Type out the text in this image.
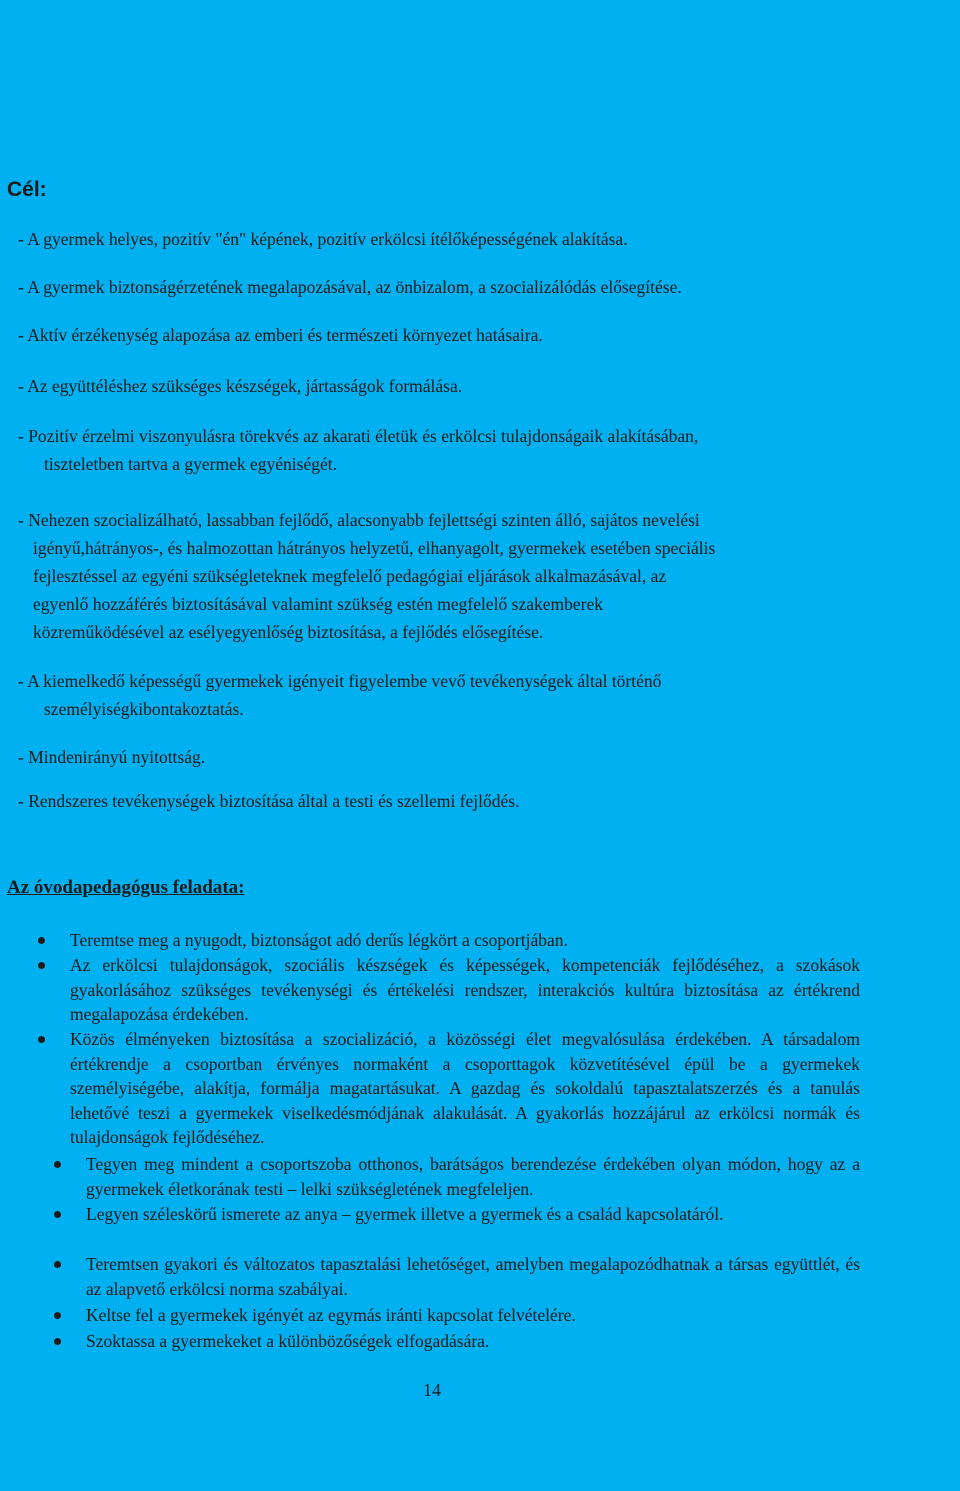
Cél:
- A gyermek helyes, pozitív "én" képének, pozitív erkölcsi ítélőképességének alakítása.
- A gyermek biztonságérzetének megalapozásával, az önbizalom, a szocializálódás elősegítése.
- Aktív érzékenység alapozása az emberi és természeti környezet hatásaira.
- Az együttéléshez szükséges készségek, jártasságok formálása.
- Pozitív érzelmi viszonyulásra törekvés az akarati életük és erkölcsi tulajdonságaik alakításában,
tiszteletben tartva a gyermek egyéniségét.
- Nehezen szocializálható, lassabban fejlődő, alacsonyabb fejlettségi szinten álló, sajátos nevelési
igényű,hátrányos-, és halmozottan hátrányos helyzetű, elhanyagolt, gyermekek esetében speciális
fejlesztéssel az egyéni szükségleteknek megfelelő pedagógiai eljárások alkalmazásával, az
egyenlő hozzáférés biztosításával valamint szükség estén megfelelő szakemberek
közreműködésével az esélyegyenlőség biztosítása, a fejlődés elősegítése.
- A kiemelkedő képességű gyermekek igényeit figyelembe vevő tevékenységek által történő
személyiségkibontakoztatás.
- Mindenirányú nyitottság.
- Rendszeres tevékenységek biztosítása által a testi és szellemi fejlődés.
Az óvodapedagógus feladata:
Teremtse meg a nyugodt, biztonságot adó derűs légkört a csoportjában.
Az erkölcsi tulajdonságok, szociális készségek és képességek, kompetenciák fejlődéséhez, a szokások gyakorlásához szükséges tevékenységi és értékelési rendszer, interakciós kultúra biztosítása az értékrend megalapozása érdekében.
Közös élményeken biztosítása a szocializáció, a közösségi élet megvalósulása érdekében. A társadalom értékrendje a csoportban érvényes normaként a csoporttagok közvetítésével épül be a gyermekek személyiségébe, alakítja, formálja magatartásukat. A gazdag és sokoldalú tapasztalatszerzés és a tanulás lehetővé teszi a gyermekek viselkedésmódjának alakulását. A gyakorlás hozzájárul az erkölcsi normák és tulajdonságok fejlődéséhez.
Tegyen meg mindent a csoportszoba otthonos, barátságos berendezése érdekében olyan módon, hogy az a gyermekek életkorának testi – lelki szükségletének megfeleljen.
Legyen széleskörű ismerete az anya – gyermek illetve a gyermek és a család kapcsolatáról.
Teremtsen gyakori és változatos tapasztalási lehetőséget, amelyben megalapozódhatnak a társas együttlét, és az alapvető erkölcsi norma szabályai.
Keltse fel a gyermekek igényét az egymás iránti kapcsolat felvételére.
Szoktassa a gyermekeket a különbözőségek elfogadására.
14
